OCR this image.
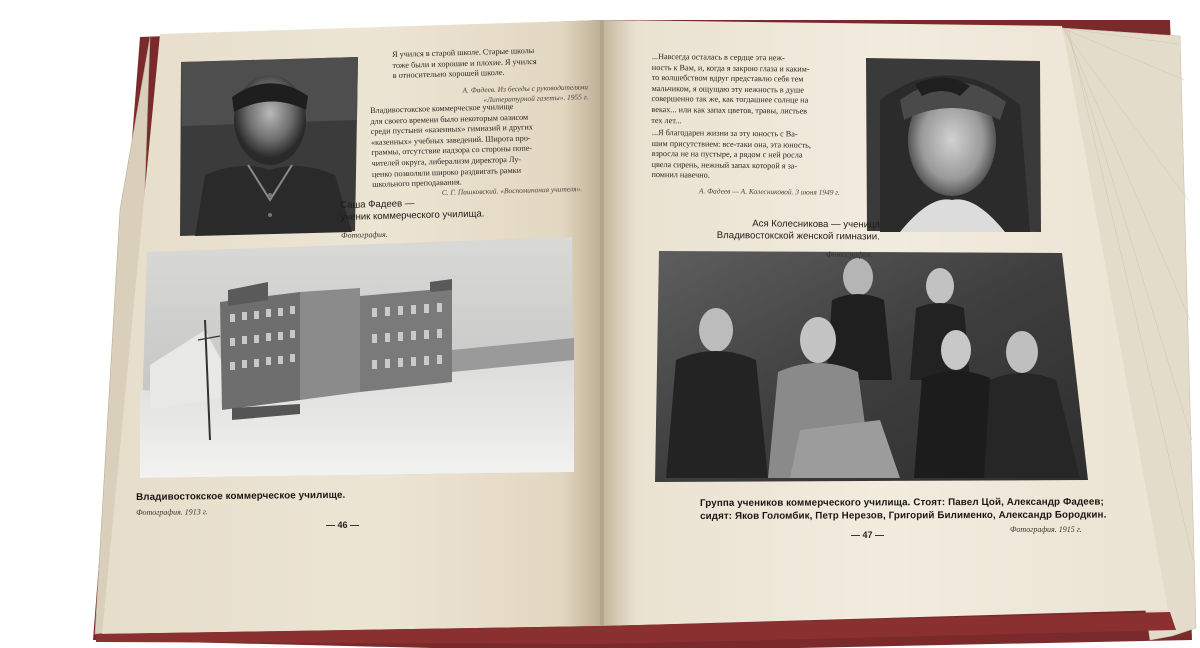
Я учился в старой школе. Старые школы
тоже были и хорошие и плохие. Я учился
в относительно хорошей школе.
А. Фадеев. Из беседы с руководителями
«Литературной газеты». 1955 г.
Владивостокское коммерческое училище
для своего времени было некоторым оазисом
среди пустыни «казенных» гимназий и других
«казенных» учебных заведений. Широта про-
граммы, отсутствие надзора со стороны попе-
чителей округа, либерализм директора Лу-
ценко позволяли широко раздвигать рамки
школьного преподавания.
С. Г. Пашковский. «Воспоминания учителя».
Саша Фадеев —
ученик коммерческого училища.
Фотография.
Владивостокское коммерческое училище.
Фотография. 1913 г.
— 46 —
...Навсегда осталась в сердце эта неж-
ность к Вам, и, когда я закрою глаза и каким-
то волшебством вдруг представлю себя тем
мальчиком, я ощущаю эту нежность в душе
совершенно так же, как тогдашнее солнце на
веках... или как запах цветов, травы, листьев
тех лет...
...Я благодарен жизни за эту юность с Ва-
шим присутствием: все-таки она, эта юность,
взросла не на пустыре, а рядом с ней росла
цвела сирень, нежный запах которой я за-
помнил навечно.
А. Фадеев — А. Колесниковой. 3 июня 1949 г.
Ася Колесникова — ученица
Владивостокской женской гимназии.
Фотография.
Группа учеников коммерческого училища. Стоят: Павел Цой, Александр Фадеев;
сидят: Яков Голомбик, Петр Нерезов, Григорий Билименко, Александр Бородкин.
Фотография. 1915 г.
— 47 —
